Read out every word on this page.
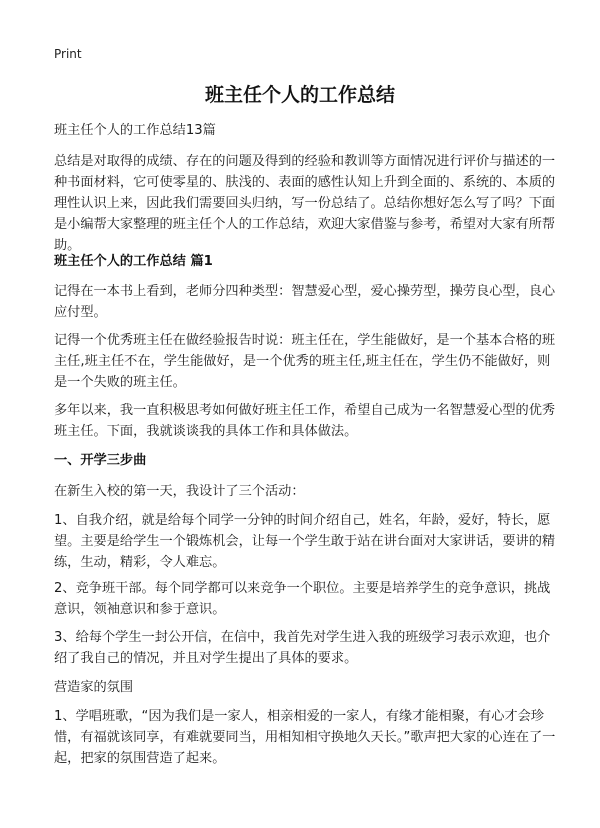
Print
班主任个人的工作总结

班主任个人的工作总结13篇

总结是对取得的成绩、存在的问题及得到的经验和教训等方面情况进行评价与描述的一种书面材料，它可使零星的、肤浅的、表面的感性认知上升到全面的、系统的、本质的理性认识上来，因此我们需要回头归纳，写一份总结了。总结你想好怎么写了吗？下面是小编帮大家整理的班主任个人的工作总结，欢迎大家借鉴与参考，希望对大家有所帮助。

班主任个人的工作总结 篇1

记得在一本书上看到，老师分四种类型：智慧爱心型，爱心操劳型，操劳良心型，良心应付型。

记得一个优秀班主任在做经验报告时说：班主任在，学生能做好，是一个基本合格的班主任,班主任不在，学生能做好，是一个优秀的班主任,班主任在，学生仍不能做好，则是一个失败的班主任。

多年以来，我一直积极思考如何做好班主任工作，希望自己成为一名智慧爱心型的优秀班主任。下面，我就谈谈我的具体工作和具体做法。

一、开学三步曲

在新生入校的第一天，我设计了三个活动：

1、自我介绍，就是给每个同学一分钟的时间介绍自己，姓名，年龄，爱好，特长，愿望。主要是给学生一个锻炼机会，让每一个学生敢于站在讲台面对大家讲话，要讲的精练，生动，精彩，令人难忘。

2、竞争班干部。每个同学都可以来竞争一个职位。主要是培养学生的竞争意识，挑战意识，领袖意识和参于意识。

3、给每个学生一封公开信，在信中，我首先对学生进入我的班级学习表示欢迎，也介绍了我自己的情况，并且对学生提出了具体的要求。

营造家的氛围

1、学唱班歌，“因为我们是一家人，相亲相爱的一家人，有缘才能相聚，有心才会珍惜，有福就该同享，有难就要同当，用相知相守换地久天长。”歌声把大家的心连在了一起，把家的氛围营造了起来。
